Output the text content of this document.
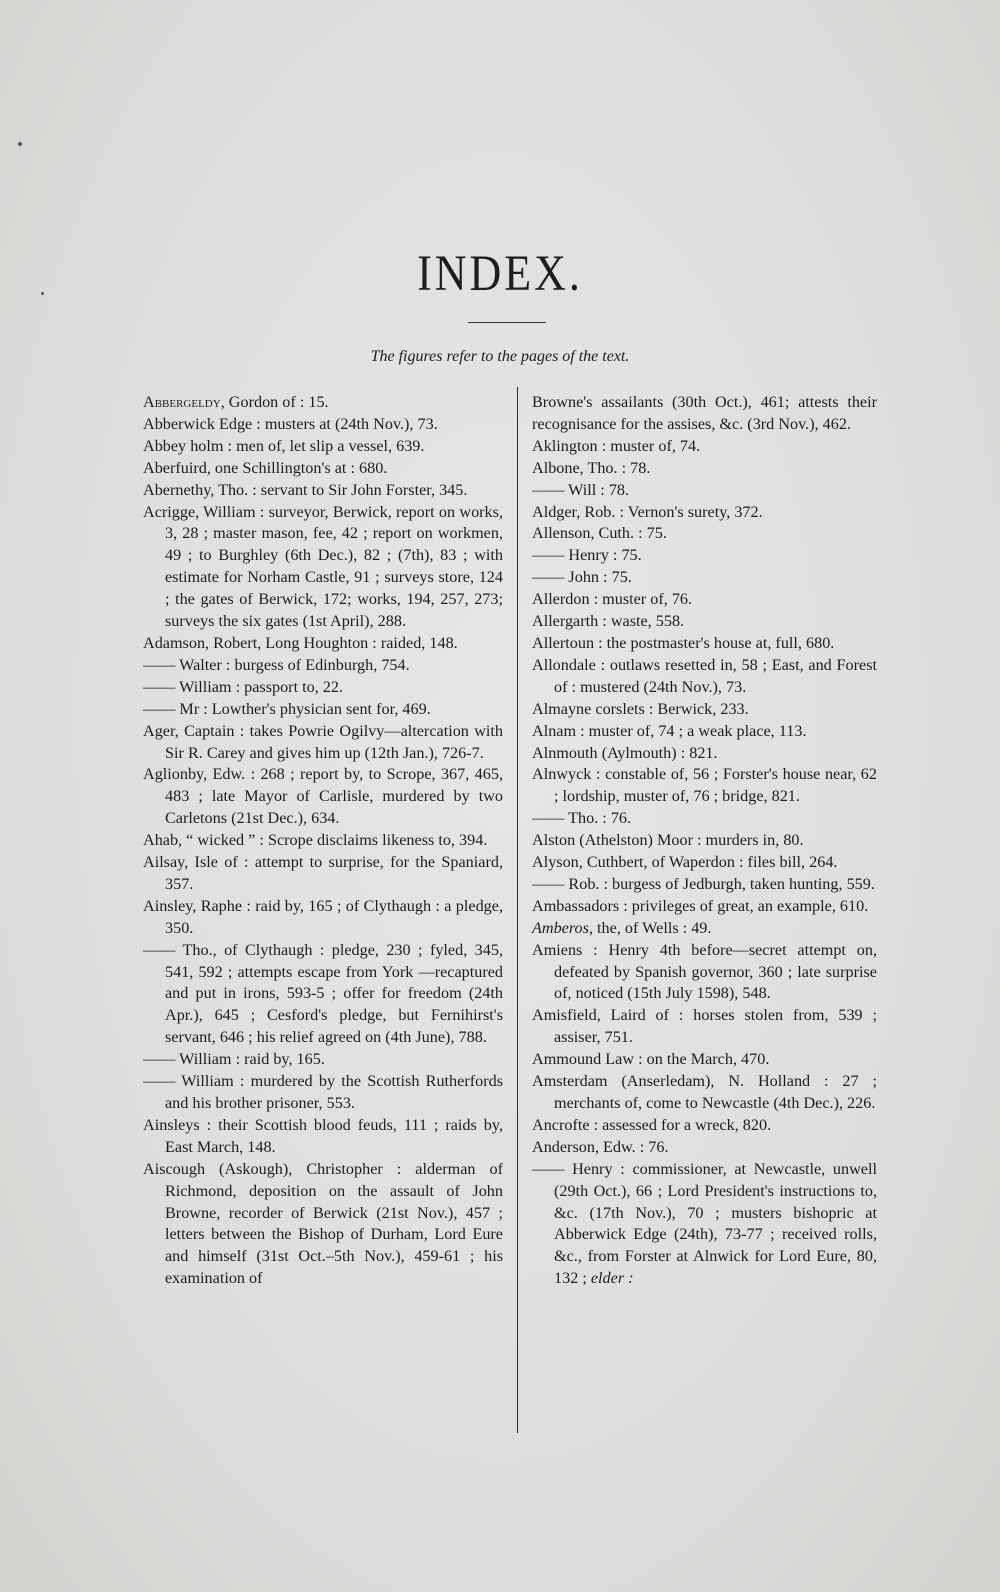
INDEX.
The figures refer to the pages of the text.
Abbergeldy, Gordon of : 15.
Abberwick Edge : musters at (24th Nov.), 73.
Abbey holm : men of, let slip a vessel, 639.
Aberfuird, one Schillington's at : 680.
Abernethy, Tho. : servant to Sir John Forster, 345.
Acrigge, William : surveyor, Berwick, report on works, 3, 28 ; master mason, fee, 42 ; report on workmen, 49 ; to Burghley (6th Dec.), 82 ; (7th), 83 ; with estimate for Norham Castle, 91 ; surveys store, 124 ; the gates of Berwick, 172; works, 194, 257, 273; surveys the six gates (1st April), 288.
Adamson, Robert, Long Houghton : raided, 148.
—— Walter : burgess of Edinburgh, 754.
—— William : passport to, 22.
—— Mr : Lowther's physician sent for, 469.
Ager, Captain : takes Powrie Ogilvy—altercation with Sir R. Carey and gives him up (12th Jan.), 726-7.
Aglionby, Edw. : 268 ; report by, to Scrope, 367, 465, 483 ; late Mayor of Carlisle, murdered by two Carletons (21st Dec.), 634.
Ahab, “ wicked ” : Scrope disclaims likeness to, 394.
Ailsay, Isle of : attempt to surprise, for the Spaniard, 357.
Ainsley, Raphe : raid by, 165 ; of Clythaugh : a pledge, 350.
—— Tho., of Clythaugh : pledge, 230 ; fyled, 345, 541, 592 ; attempts escape from York —recaptured and put in irons, 593-5 ; offer for freedom (24th Apr.), 645 ; Cesford's pledge, but Fernihirst's servant, 646 ; his relief agreed on (4th June), 788.
—— William : raid by, 165.
—— William : murdered by the Scottish Rutherfords and his brother prisoner, 553.
Ainsleys : their Scottish blood feuds, 111 ; raids by, East March, 148.
Aiscough (Askough), Christopher : alderman of Richmond, deposition on the assault of John Browne, recorder of Berwick (21st Nov.), 457 ; letters between the Bishop of Durham, Lord Eure and himself (31st Oct.–5th Nov.), 459-61 ; his examination of
Browne's assailants (30th Oct.), 461; attests their recognisance for the assises, &c. (3rd Nov.), 462.
Aklington : muster of, 74.
Albone, Tho. : 78.
—— Will : 78.
Aldger, Rob. : Vernon's surety, 372.
Allenson, Cuth. : 75.
—— Henry : 75.
—— John : 75.
Allerdon : muster of, 76.
Allergarth : waste, 558.
Allertoun : the postmaster's house at, full, 680.
Allondale : outlaws resetted in, 58 ; East, and Forest of : mustered (24th Nov.), 73.
Almayne corslets : Berwick, 233.
Alnam : muster of, 74 ; a weak place, 113.
Alnmouth (Aylmouth) : 821.
Alnwyck : constable of, 56 ; Forster's house near, 62 ; lordship, muster of, 76 ; bridge, 821.
—— Tho. : 76.
Alston (Athelston) Moor : murders in, 80.
Alyson, Cuthbert, of Waperdon : files bill, 264.
—— Rob. : burgess of Jedburgh, taken hunting, 559.
Ambassadors : privileges of great, an example, 610.
Amberos, the, of Wells : 49.
Amiens : Henry 4th before—secret attempt on, defeated by Spanish governor, 360 ; late surprise of, noticed (15th July 1598), 548.
Amisfield, Laird of : horses stolen from, 539 ; assiser, 751.
Ammound Law : on the March, 470.
Amsterdam (Anserledam), N. Holland : 27 ; merchants of, come to Newcastle (4th Dec.), 226.
Ancrofte : assessed for a wreck, 820.
Anderson, Edw. : 76.
—— Henry : commissioner, at Newcastle, unwell (29th Oct.), 66 ; Lord President's instructions to, &c. (17th Nov.), 70 ; musters bishopric at Abberwick Edge (24th), 73-77 ; received rolls, &c., from Forster at Alnwick for Lord Eure, 80, 132 ; elder :
